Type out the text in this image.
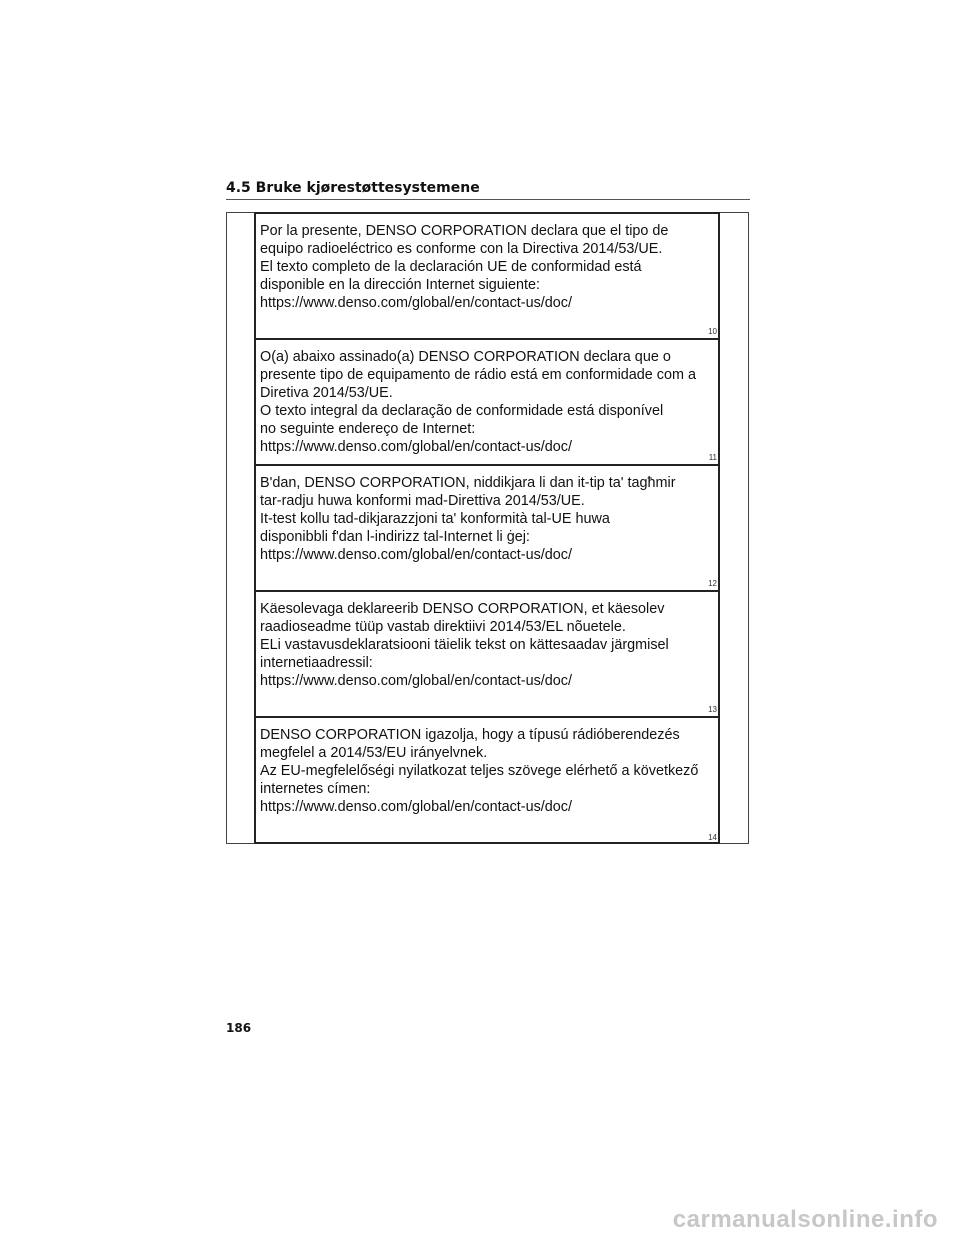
4.5 Bruke kjørestøttesystemene
Por la presente, DENSO CORPORATION declara que el tipo de
equipo radioeléctrico es conforme con la Directiva 2014/53/UE.
El texto completo de la declaración UE de conformidad está
disponible en la dirección Internet siguiente:
https://www.denso.com/global/en/contact-us/doc/
10
O(a) abaixo assinado(a) DENSO CORPORATION declara que o
presente tipo de equipamento de rádio está em conformidade com a
Diretiva 2014/53/UE.
O texto integral da declaração de conformidade está disponível
no seguinte endereço de Internet:
https://www.denso.com/global/en/contact-us/doc/
11
B'dan, DENSO CORPORATION, niddikjara li dan it-tip ta' tagħmir
tar-radju huwa konformi mad-Direttiva 2014/53/UE.
It-test kollu tad-dikjarazzjoni ta' konformità tal-UE huwa
disponibbli f'dan l-indirizz tal-Internet li ġej:
https://www.denso.com/global/en/contact-us/doc/
12
Käesolevaga deklareerib DENSO CORPORATION, et käesolev
raadioseadme tüüp vastab direktiivi 2014/53/EL nõuetele.
ELi vastavusdeklaratsiooni täielik tekst on kättesaadav järgmisel
internetiaadressil:
https://www.denso.com/global/en/contact-us/doc/
13
DENSO CORPORATION igazolja, hogy a típusú rádióberendezés
megfelel a 2014/53/EU irányelvnek.
Az EU-megfelelőségi nyilatkozat teljes szövege elérhető a következő
internetes címen:
https://www.denso.com/global/en/contact-us/doc/
14
186
carmanualsonline.info
